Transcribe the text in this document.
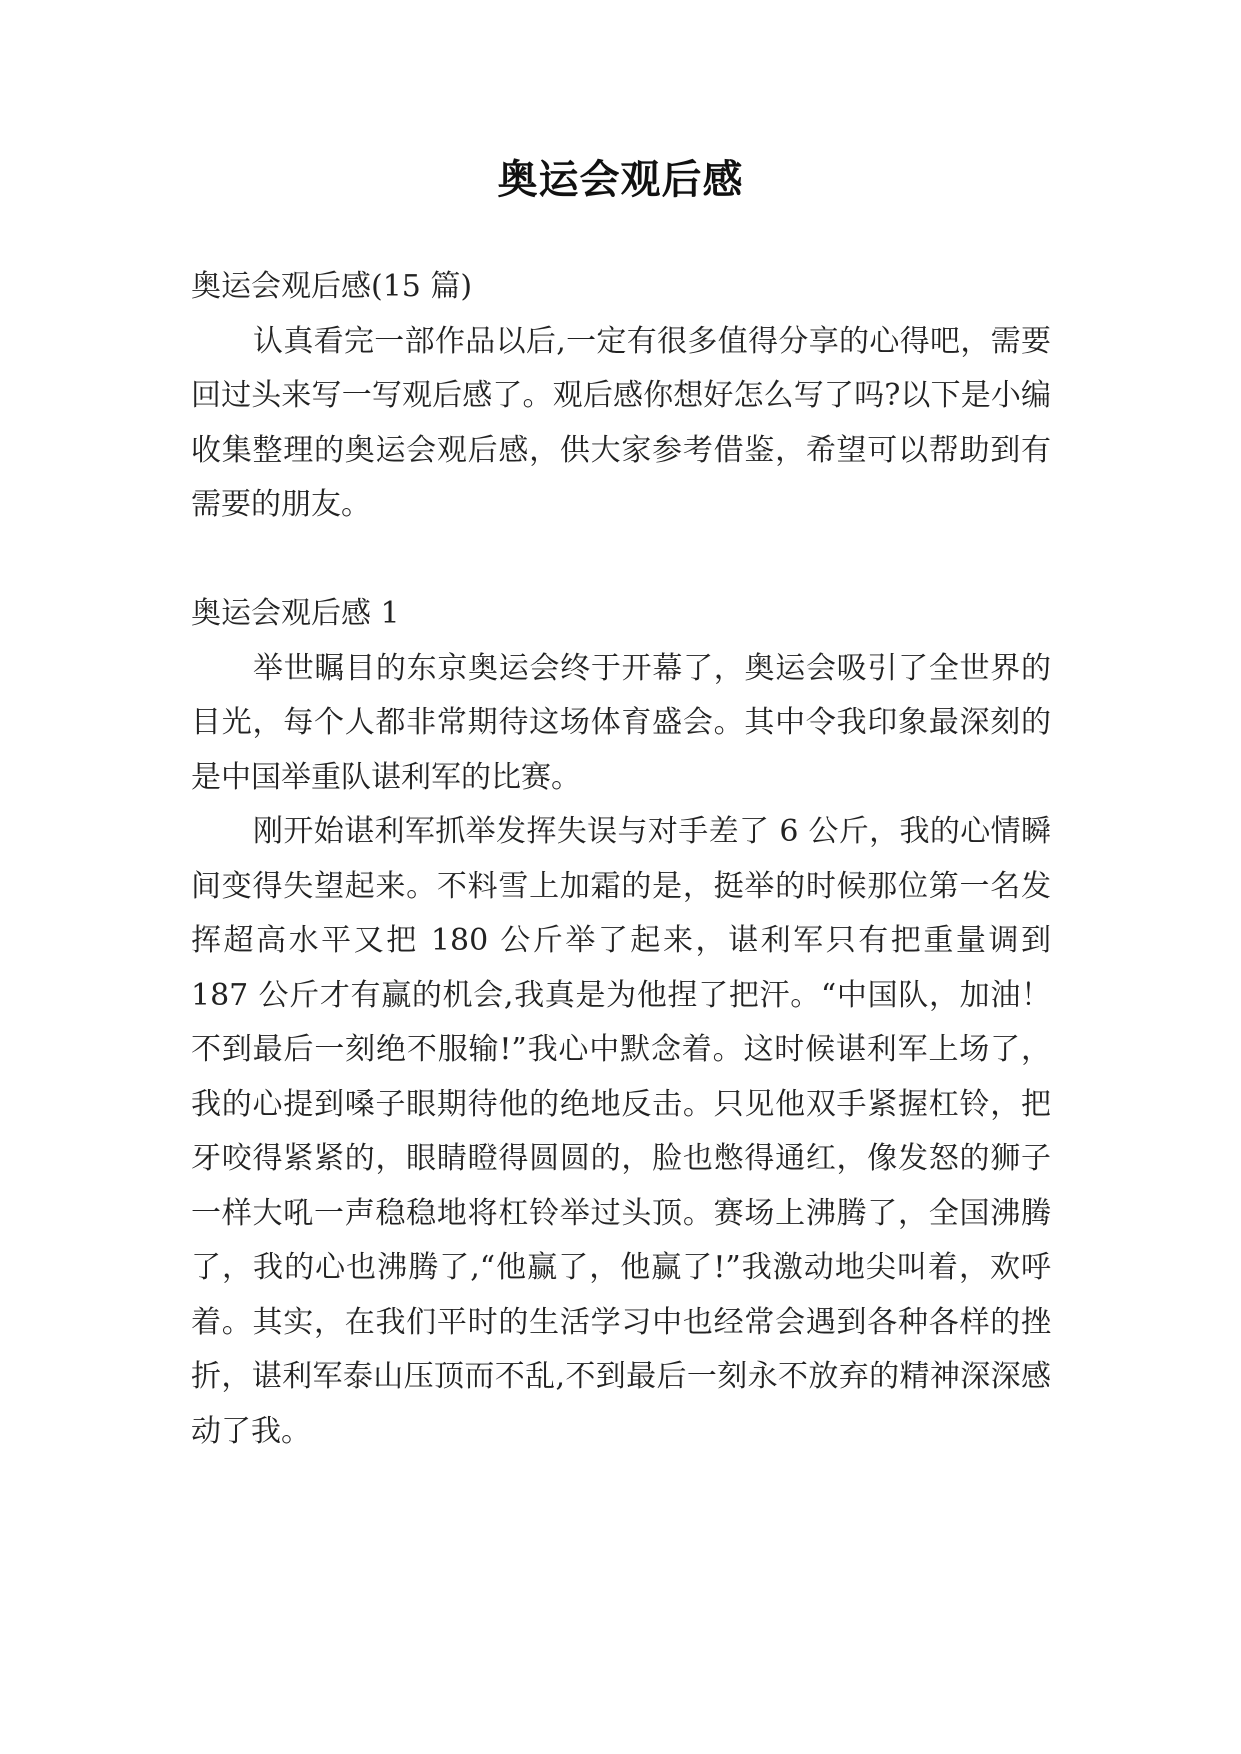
奥运会观后感

奥运会观后感(15 篇)

认真看完一部作品以后,一定有很多值得分享的心得吧，需要回过头来写一写观后感了。观后感你想好怎么写了吗?以下是小编收集整理的奥运会观后感，供大家参考借鉴，希望可以帮助到有需要的朋友。

奥运会观后感 1

举世瞩目的东京奥运会终于开幕了，奥运会吸引了全世界的目光，每个人都非常期待这场体育盛会。其中令我印象最深刻的是中国举重队谌利军的比赛。

刚开始谌利军抓举发挥失误与对手差了 6 公斤，我的心情瞬间变得失望起来。不料雪上加霜的是，挺举的时候那位第一名发挥超高水平又把 180 公斤举了起来，谌利军只有把重量调到 187 公斤才有赢的机会,我真是为他捏了把汗。“中国队，加油！不到最后一刻绝不服输!”我心中默念着。这时候谌利军上场了，我的心提到嗓子眼期待他的绝地反击。只见他双手紧握杠铃，把牙咬得紧紧的，眼睛瞪得圆圆的，脸也憋得通红，像发怒的狮子一样大吼一声稳稳地将杠铃举过头顶。赛场上沸腾了，全国沸腾了，我的心也沸腾了,“他赢了，他赢了!”我激动地尖叫着，欢呼着。其实，在我们平时的生活学习中也经常会遇到各种各样的挫折，谌利军泰山压顶而不乱,不到最后一刻永不放弃的精神深深感动了我。
